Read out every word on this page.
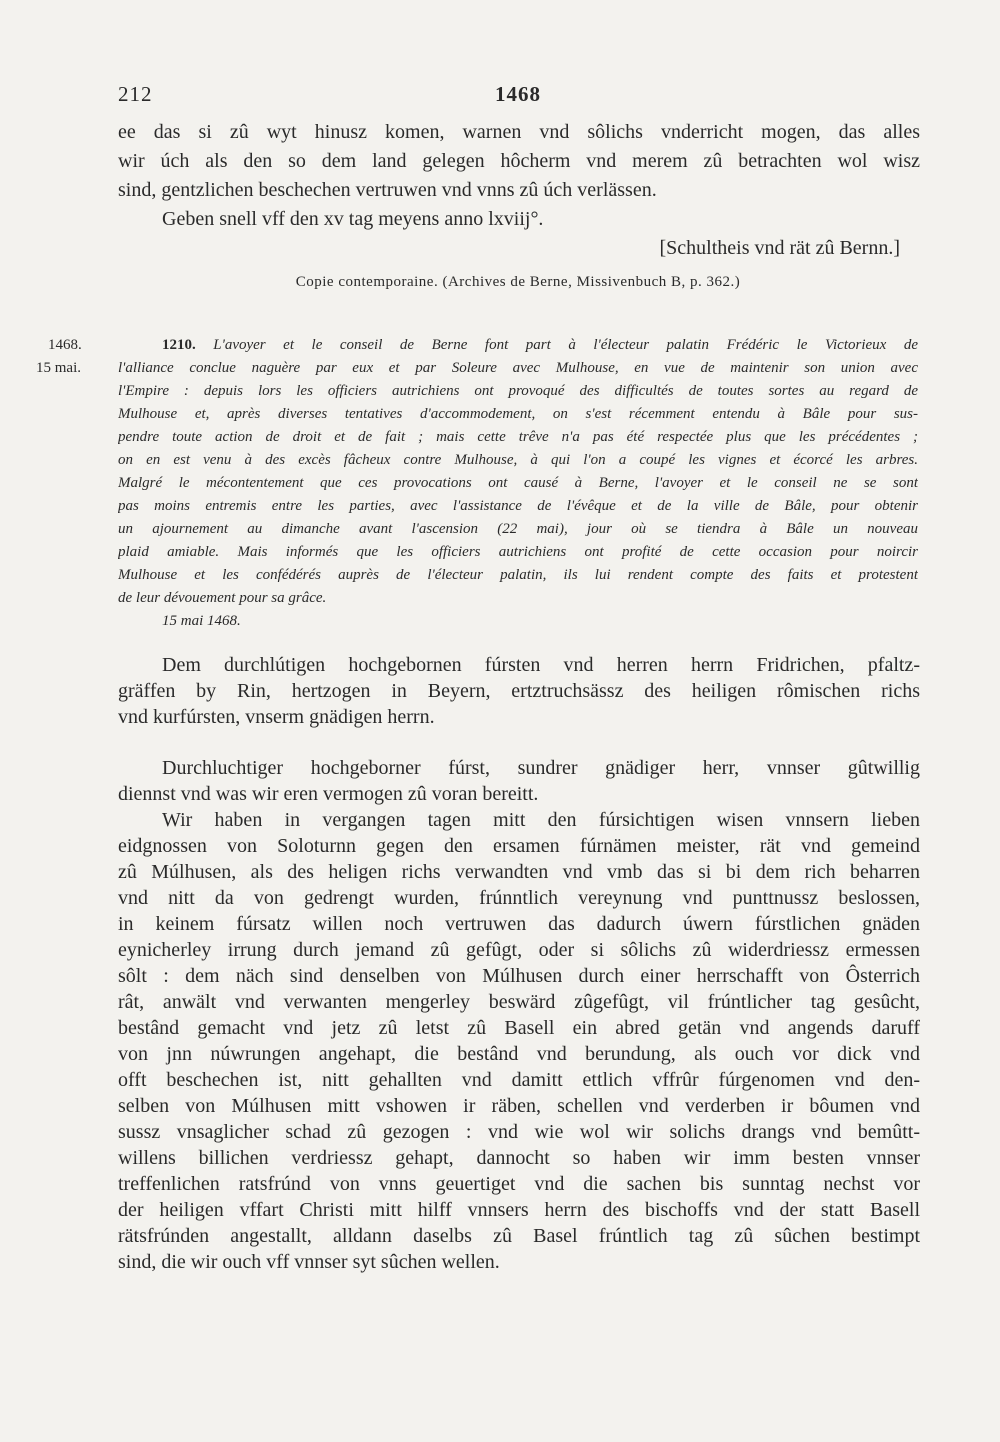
212	1468
ee das si zû wyt hinusz komen, warnen vnd sôlichs vnderricht mogen, das alles
wir úch als den so dem land gelegen hôcherm vnd merem zû betrachten wol wisz
sind, gentzlichen beschechen vertruwen vnd vnns zû úch verlässen.
Geben snell vff den xv tag meyens anno lxviij°.
[Schultheis vnd rät zû Bernn.]
Copie contemporaine. (Archives de Berne, Missivenbuch B, p. 362.)
1468.
15 mai.
1210. L'avoyer et le conseil de Berne font part à l'électeur palatin Frédéric le Victorieux de
l'alliance conclue naguère par eux et par Soleure avec Mulhouse, en vue de maintenir son union avec
l'Empire : depuis lors les officiers autrichiens ont provoqué des difficultés de toutes sortes au regard de
Mulhouse et, après diverses tentatives d'accommodement, on s'est récemment entendu à Bâle pour sus-
pendre toute action de droit et de fait ; mais cette trêve n'a pas été respectée plus que les précédentes ;
on en est venu à des excès fâcheux contre Mulhouse, à qui l'on a coupé les vignes et écorcé les arbres.
Malgré le mécontentement que ces provocations ont causé à Berne, l'avoyer et le conseil ne se sont
pas moins entremis entre les parties, avec l'assistance de l'évêque et de la ville de Bâle, pour obtenir
un ajournement au dimanche avant l'ascension (22 mai), jour où se tiendra à Bâle un nouveau
plaid amiable. Mais informés que les officiers autrichiens ont profité de cette occasion pour noircir
Mulhouse et les confédérés auprès de l'électeur palatin, ils lui rendent compte des faits et protestent
de leur dévouement pour sa grâce.
15 mai 1468.
Dem durchlútigen hochgebornen fúrsten vnd herren herrn Fridrichen, pfaltz-
gräffen by Rin, hertzogen in Beyern, ertztruchsässz des heiligen rômischen richs
vnd kurfúrsten, vnserm gnädigen herrn.
Durchluchtiger hochgeborner fúrst, sundrer gnädiger herr, vnnser gûtwillig
diennst vnd was wir eren vermogen zû voran bereitt.
Wir haben in vergangen tagen mitt den fúrsichtigen wisen vnnsern lieben
eidgnossen von Soloturnn gegen den ersamen fúrnämen meister, rät vnd gemeind
zû Múlhusen, als des heligen richs verwandten vnd vmb das si bi dem rich beharren
vnd nitt da von gedrengt wurden, frúnntlich vereynung vnd punttnussz beslossen,
in keinem fúrsatz willen noch vertruwen das dadurch úwern fúrstlichen gnäden
eynicherley irrung durch jemand zû gefûgt, oder si sôlichs zû widerdriessz ermessen
sôlt : dem näch sind denselben von Múlhusen durch einer herrschafft von Ôsterrich
rât, anwält vnd verwanten mengerley beswärd zûgefûgt, vil frúntlicher tag gesûcht,
bestând gemacht vnd jetz zû letst zû Basell ein abred getän vnd angends daruff
von jnn núwrungen angehapt, die bestând vnd berundung, als ouch vor dick vnd
offt beschechen ist, nitt gehallten vnd damitt ettlich vffrûr fúrgenomen vnd den-
selben von Múlhusen mitt vshowen ir räben, schellen vnd verderben ir bôumen vnd
sussz vnsaglicher schad zû gezogen : vnd wie wol wir solichs drangs vnd bemûtt-
willens billichen verdriessz gehapt, dannocht so haben wir imm besten vnnser
treffenlichen ratsfrúnd von vnns geuertiget vnd die sachen bis sunntag nechst vor
der heiligen vffart Christi mitt hilff vnnsers herrn des bischoffs vnd der statt Basell
rätsfrúnden angestallt, alldann daselbs zû Basel frúntlich tag zû sûchen bestimpt
sind, die wir ouch vff vnnser syt sûchen wellen.
